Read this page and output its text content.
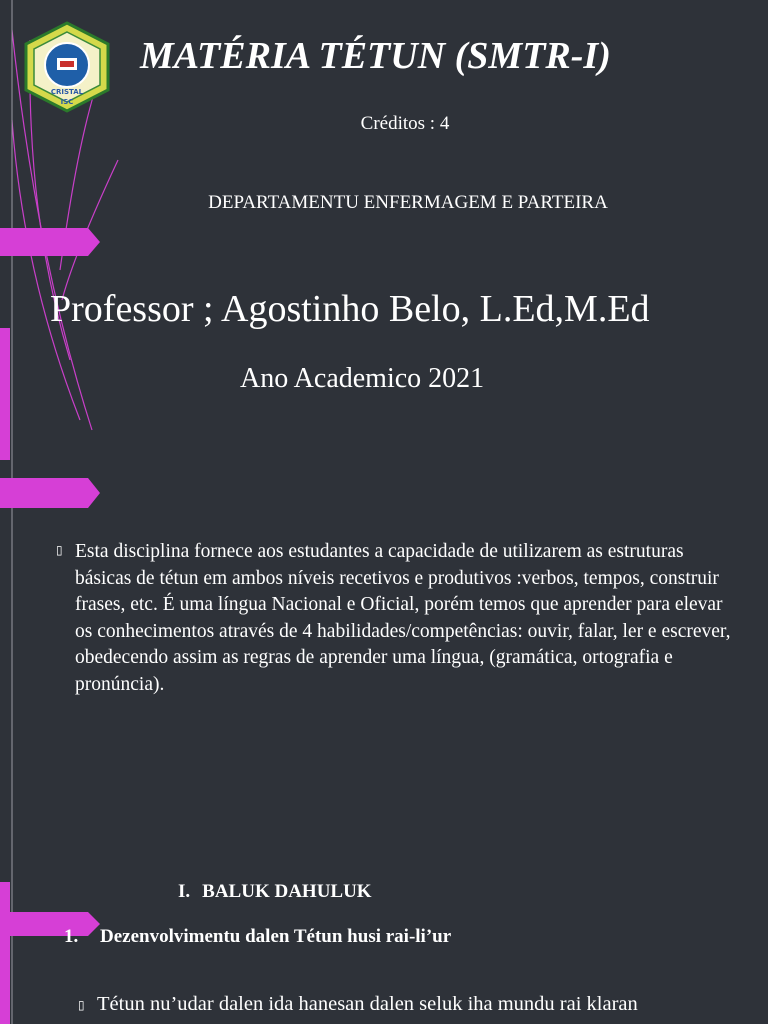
CRISTAL
ISC
MATÉRIA TÉTUN (SMTR-I)
Créditos : 4
DEPARTAMENTU ENFERMAGEM E PARTEIRA
Professor ; Agostinho Belo, L.Ed,M.Ed
Ano Academico 2021
▯ Esta disciplina fornece aos estudantes a capacidade de utilizarem as estruturas básicas de tétun em ambos níveis recetivos e produtivos :verbos, tempos, construir frases, etc. É uma língua Nacional e Oficial, porém temos que aprender para elevar os conhecimentos através de 4 habilidades/competências: ouvir, falar, ler e escrever, obedecendo assim as regras de aprender uma língua, (gramática, ortografia e pronúncia).
I. BALUK DAHULUK
1. Dezenvolvimentu dalen Tétun husi rai-li’ur
▯ Tétun nu’udar dalen ida hanesan dalen seluk iha mundu rai klaran
